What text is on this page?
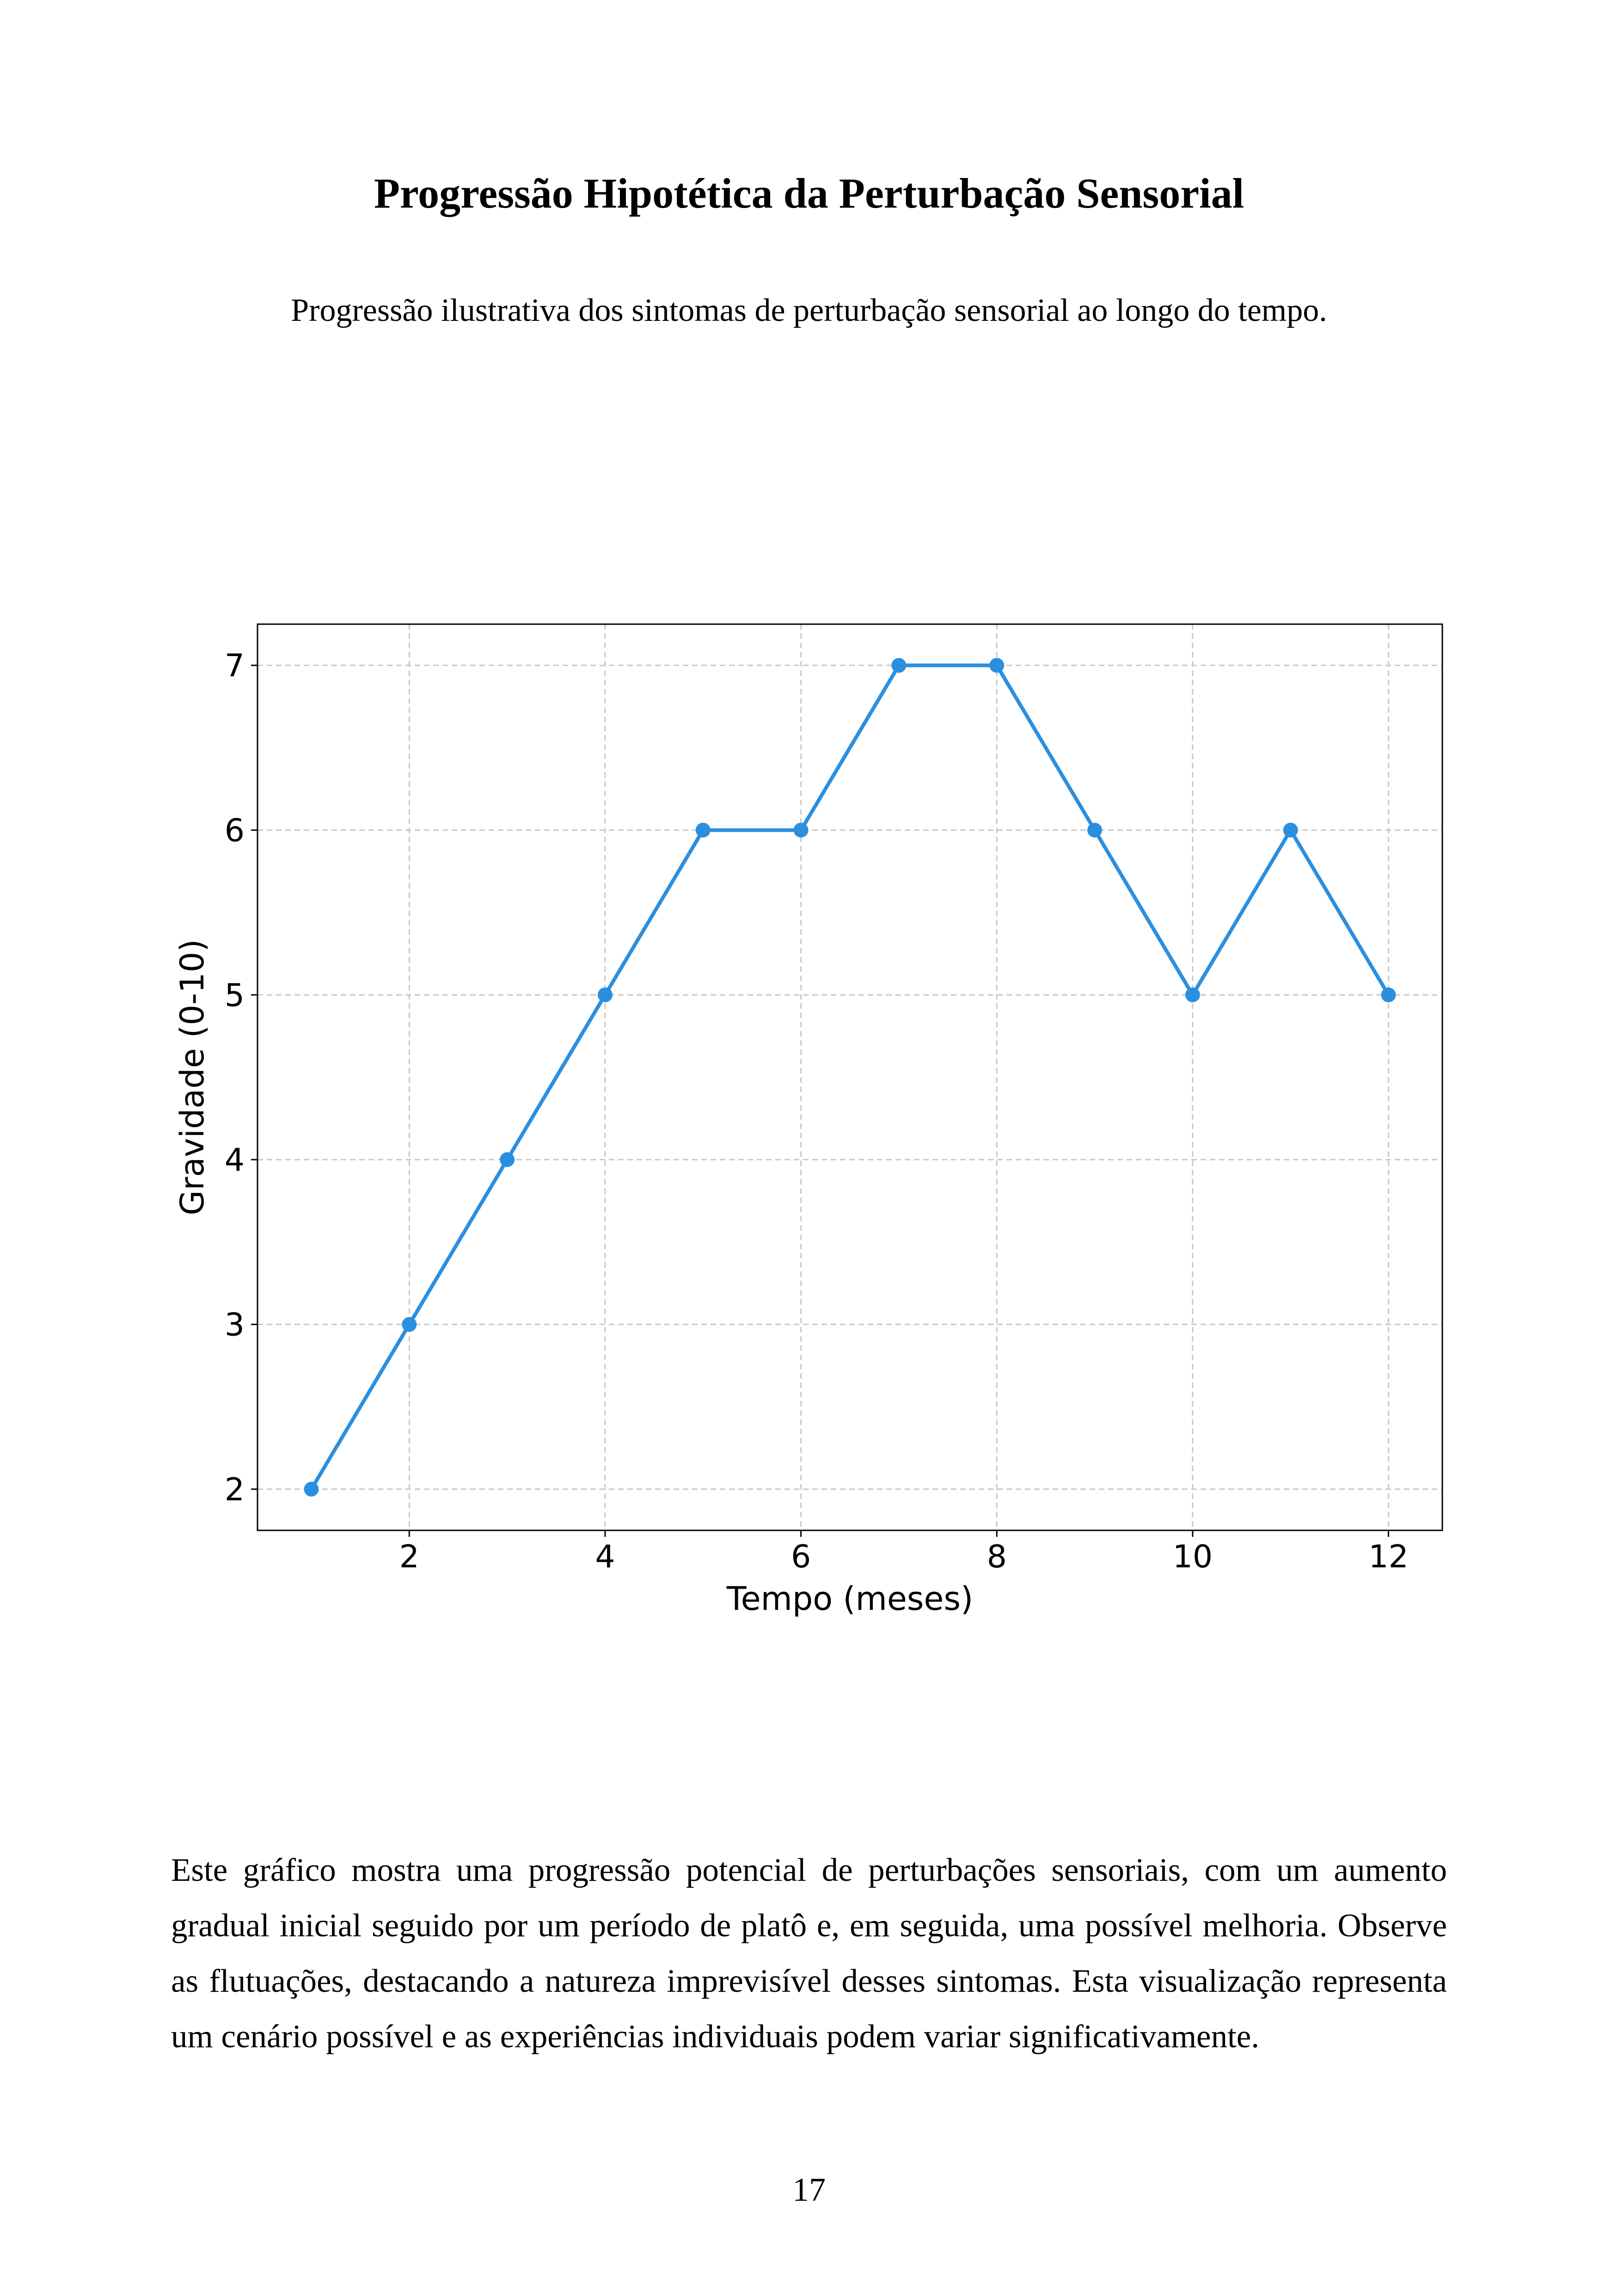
Progressão Hipotética da Perturbação Sensorial
Progressão ilustrativa dos sintomas de perturbação sensorial ao longo do tempo.
2	4	6	8	10	12
2
3
4
5
6
7
Tempo (meses)
Gravidade (0-10)
Este gráfico mostra uma progressão potencial de perturbações sensoriais, com um aumento gradual inicial seguido por um período de platô e, em seguida, uma possível melhoria. Observe as flutuações, destacando a natureza imprevisível desses sintomas. Esta visualização representa um cenário possível e as experiências individuais podem variar significativamente.
17
